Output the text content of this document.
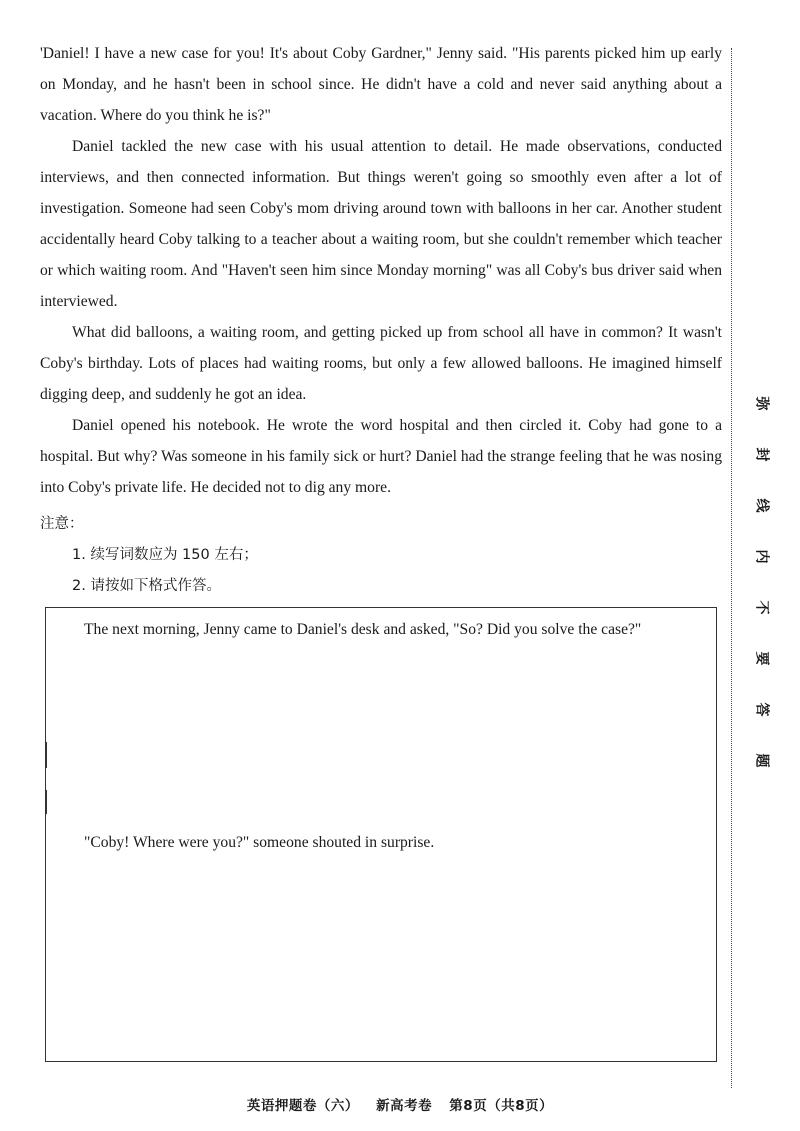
'Daniel! I have a new case for you! It's about Coby Gardner," Jenny said. "His parents picked him up early on Monday, and he hasn't been in school since. He didn't have a cold and never said anything about a vacation. Where do you think he is?"

Daniel tackled the new case with his usual attention to detail. He made observations, conducted interviews, and then connected information. But things weren't going so smoothly even after a lot of investigation. Someone had seen Coby's mom driving around town with balloons in her car. Another student accidentally heard Coby talking to a teacher about a waiting room, but she couldn't remember which teacher or which waiting room. And "Haven't seen him since Monday morning" was all Coby's bus driver said when interviewed.

What did balloons, a waiting room, and getting picked up from school all have in common? It wasn't Coby's birthday. Lots of places had waiting rooms, but only a few allowed balloons. He imagined himself digging deep, and suddenly he got an idea.

Daniel opened his notebook. He wrote the word hospital and then circled it. Coby had gone to a hospital. But why? Was someone in his family sick or hurt? Daniel had the strange feeling that he was nosing into Coby's private life. He decided not to dig any more.

注意：
1. 续写词数应为 150 左右；
2. 请按如下格式作答。
The next morning, Jenny came to Daniel's desk and asked, "So? Did you solve the case?"
"Coby! Where were you?" someone shouted in surprise.
弥
封
线
内
不
要
答
题
英语押题卷（六） 新高考卷 第8页（共8页）
